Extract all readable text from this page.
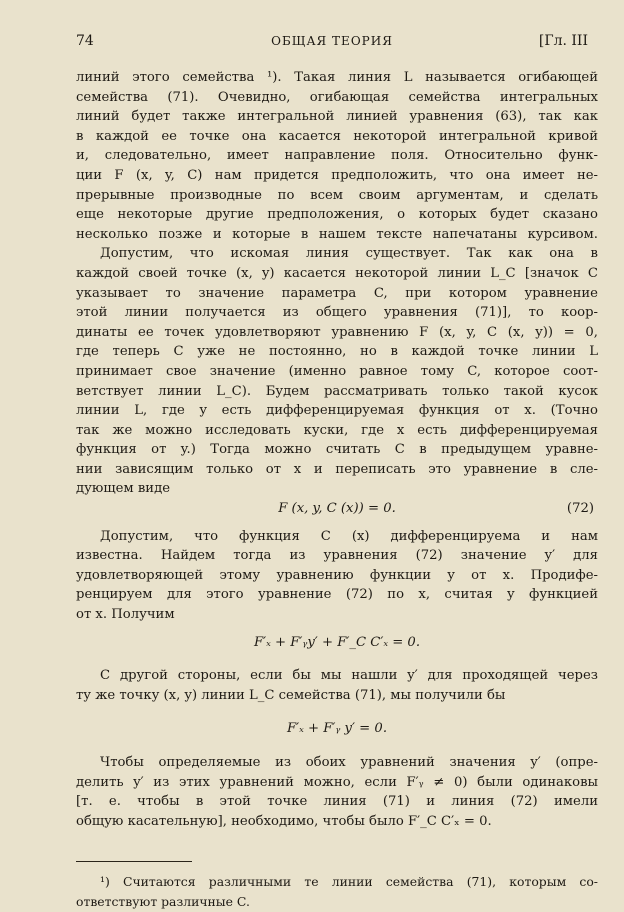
74	ОБЩАЯ ТЕОРИЯ	[Гл. III
линий этого семейства ¹). Такая линия L называется огибающей
семейства (71). Очевидно, огибающая семейства интегральных
линий будет также интегральной линией уравнения (63), так как
в каждой ее точке она касается некоторой интегральной кривой
и, следовательно, имеет направление поля. Относительно функ-
ции F (x, y, C) нам придется предположить, что она имеет не-
прерывные производные по всем своим аргументам, и сделать
еще некоторые другие предположения, о которых будет сказано
несколько позже и которые в нашем тексте напечатаны курсивом.
Допустим, что искомая линия существует. Так как она в
каждой своей точке (x, y) касается некоторой линии L_C [значок C
указывает то значение параметра C, при котором уравнение
этой линии получается из общего уравнения (71)], то коор-
динаты ее точек удовлетворяют уравнению F (x, y, C (x, y)) = 0,
где теперь C уже не постоянно, но в каждой точке линии L
принимает свое значение (именно равное тому C, которое соот-
ветствует линии L_C). Будем рассматривать только такой кусок
линии L, где y есть дифференцируемая функция от x. (Точно
так же можно исследовать куски, где x есть дифференцируемая
функция от y.) Тогда можно считать C в предыдущем уравне-
нии зависящим только от x и переписать это уравнение в сле-
дующем виде
F (x, y, C (x)) = 0.	(72)
Допустим, что функция C (x) дифференцируема и нам
известна. Найдем тогда из уравнения (72) значение y′ для
удовлетворяющей этому уравнению функции y от x. Продифе-
ренцируем для этого уравнение (72) по x, считая y функцией
от x. Получим
F′ₓ + F′ᵧy′ + F′_C C′ₓ = 0.
С другой стороны, если бы мы нашли y′ для проходящей через
ту же точку (x, y) линии L_C семейства (71), мы получили бы
F′ₓ + F′ᵧ y′ = 0.
Чтобы определяемые из обоих уравнений значения y′ (опре-
делить y′ из этих уравнений можно, если F′ᵧ ≠ 0) были одинаковы
[т. е. чтобы в этой точке линия (71) и линия (72) имели
общую касательную], необходимо, чтобы было F′_C C′ₓ = 0.
¹) Считаются различными те линии семейства (71), которым со-
ответствуют различные C.
